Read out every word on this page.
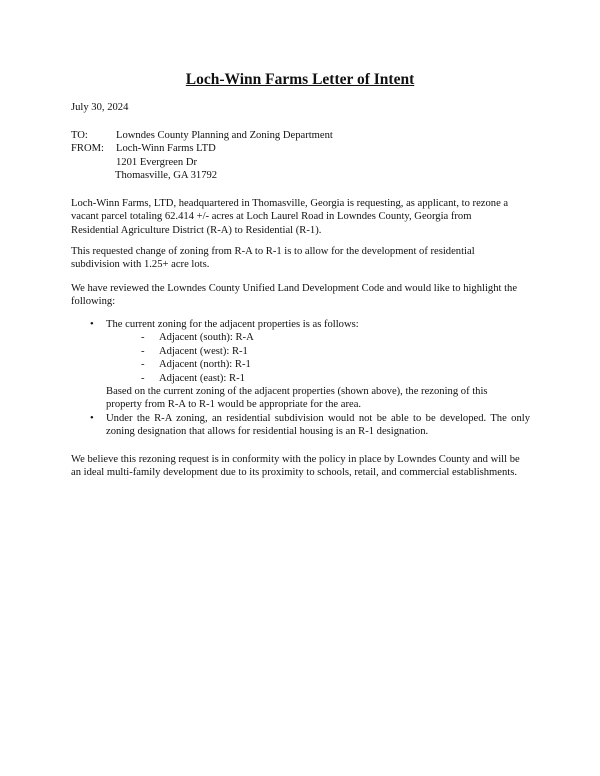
Loch-Winn Farms Letter of Intent
July 30, 2024
TO:	Lowndes County Planning and Zoning Department
FROM: Loch-Winn Farms LTD
1201 Evergreen Dr
Thomasville, GA 31792
Loch-Winn Farms, LTD, headquartered in Thomasville, Georgia is requesting, as applicant, to rezone a
vacant parcel totaling 62.414 +/- acres at Loch Laurel Road in Lowndes County, Georgia from
Residential Agriculture District (R-A) to Residential (R-1).
This requested change of zoning from R-A to R-1 is to allow for the development of residential
subdivision with 1.25+ acre lots.
We have reviewed the Lowndes County Unified Land Development Code and would like to highlight the
following:
• The current zoning for the adjacent properties is as follows:
- Adjacent (south): R-A
- Adjacent (west): R-1
- Adjacent (north): R-1
- Adjacent (east): R-1
Based on the current zoning of the adjacent properties (shown above), the rezoning of this
property from R-A to R-1 would be appropriate for the area.
• Under the R-A zoning, an residential subdivision would not be able to be developed. The only
zoning designation that allows for residential housing is an R-1 designation.
We believe this rezoning request is in conformity with the policy in place by Lowndes County and will be
an ideal multi-family development due to its proximity to schools, retail, and commercial establishments.
